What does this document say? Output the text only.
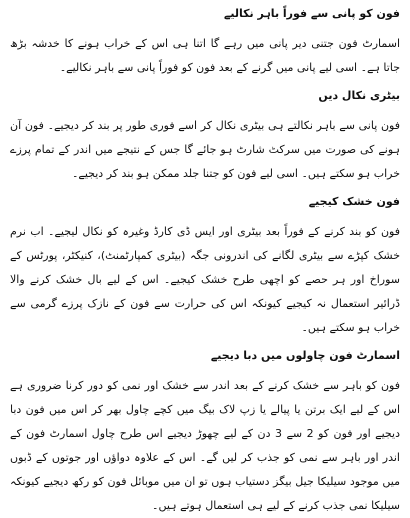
فون کو پانی سے فوراً باہر نکالیے

اسمارٹ فون جتنی دیر پانی میں رہے گا اتنا ہی اس کے خراب ہونے کا خدشہ بڑھ جاتا ہے۔ اسی لیے پانی میں گرنے کے بعد فون کو فوراً پانی سے باہر نکالیے۔

بیٹری نکال دیں

فون پانی سے باہر نکالتے ہی بیٹری نکال کر اسے فوری طور پر بند کر دیجیے۔ فون آن ہونے کی صورت میں سرکٹ شارٹ ہو جائے گا جس کے نتیجے میں اندر کے تمام پرزے خراب ہو سکتے ہیں۔ اسی لیے فون کو جتنا جلد ممکن ہو بند کر دیجیے۔

فون خشک کیجیے

فون کو بند کرنے کے فوراً بعد بیٹری اور ایس ڈی کارڈ وغیرہ کو نکال لیجیے۔ اب نرم خشک کپڑے سے بیٹری لگانے کی اندرونی جگہ (بیٹری کمپارٹمنٹ)، کنیکٹر، پورٹس کے سوراخ اور ہر حصے کو اچھی طرح خشک کیجیے۔ اس کے لیے بال خشک کرنے والا ڈرائیر استعمال نہ کیجیے کیونکہ اس کی حرارت سے فون کے نازک پرزے گرمی سے خراب ہو سکتے ہیں۔

اسمارٹ فون چاولوں میں دبا دیجیے

فون کو باہر سے خشک کرنے کے بعد اندر سے خشک اور نمی کو دور کرنا ضروری ہے اس کے لیے ایک برتن یا پیالے یا زپ لاک بیگ میں کچے چاول بھر کر اس میں فون دبا دیجیے اور فون کو 2 سے 3 دن کے لیے چھوڑ دیجیے اس طرح چاول اسمارٹ فون کے اندر اور باہر سے نمی کو جذب کر لیں گے۔ اس کے علاوہ دواؤں اور جوتوں کے ڈبوں میں موجود سیلیکا جیل بیگز دستیاب ہوں تو ان میں موبائل فون کو رکھ دیجیے کیونکہ سیلیکا نمی جذب کرنے کے لیے ہی استعمال ہوتے ہیں۔
